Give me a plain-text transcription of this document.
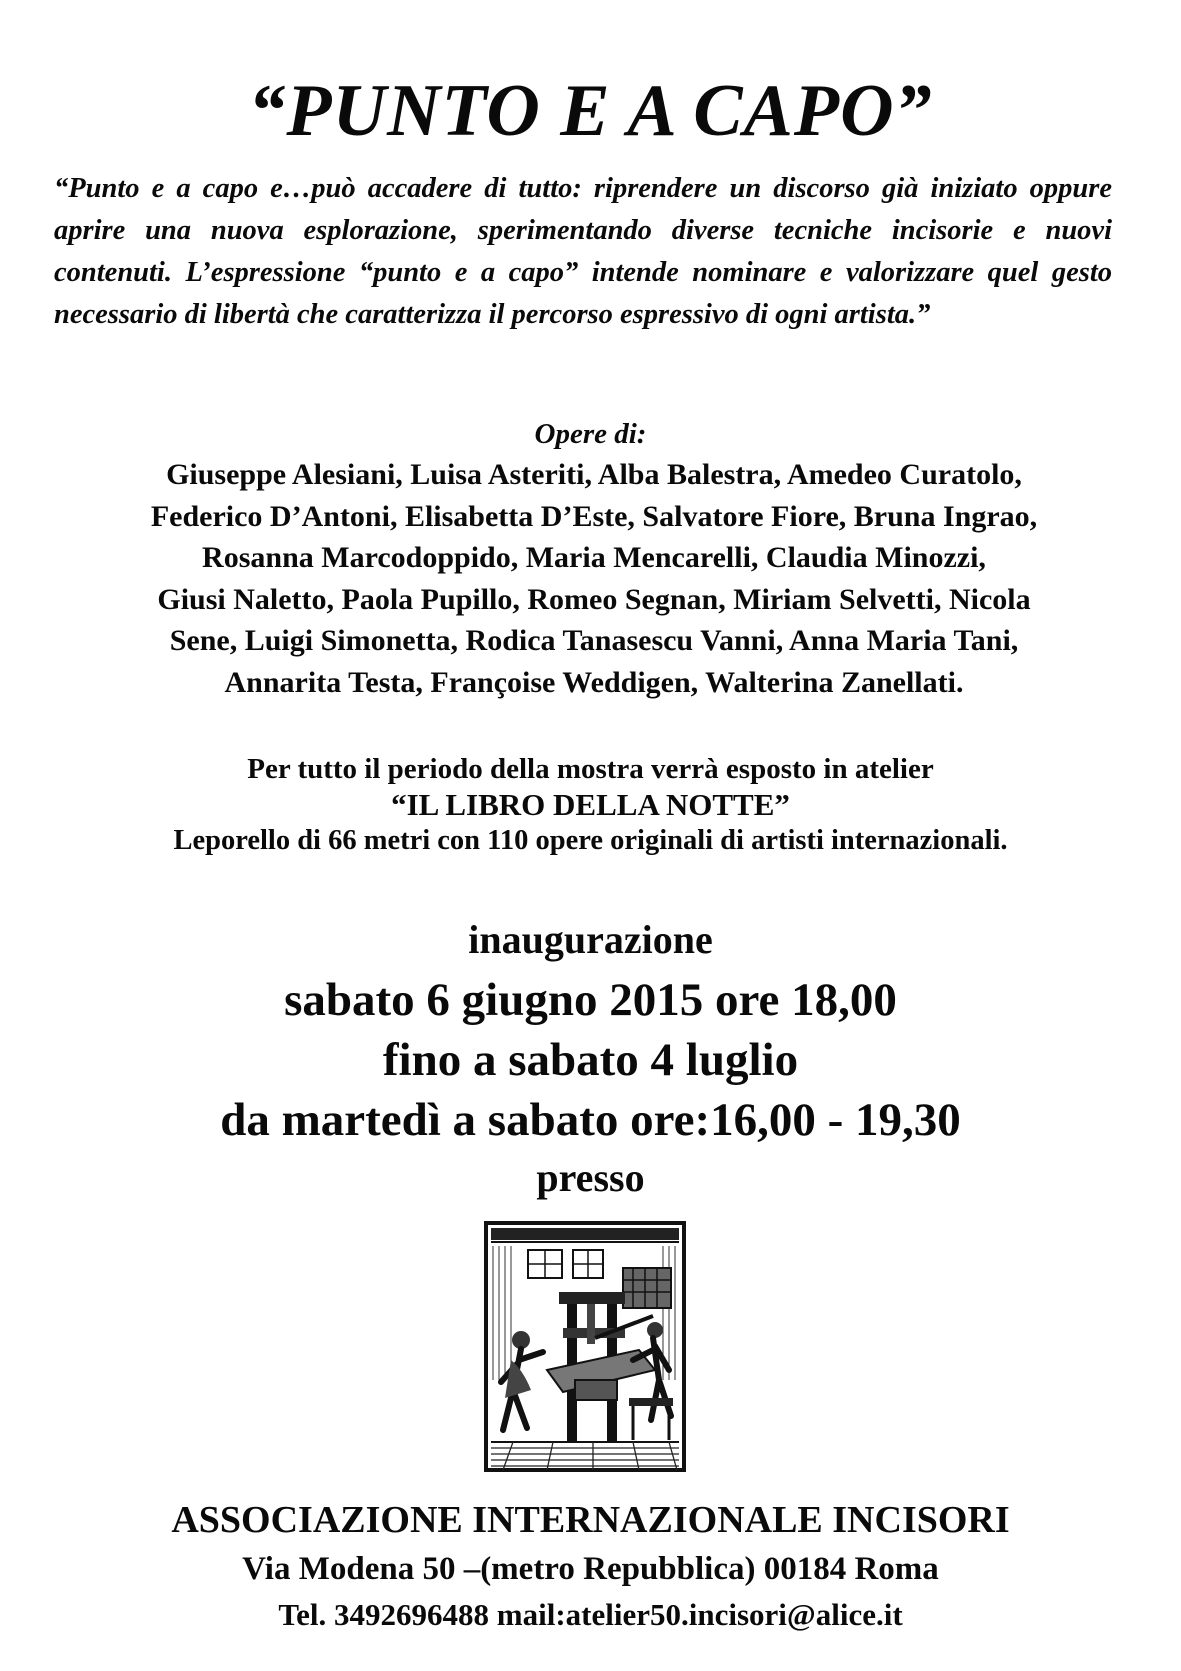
“PUNTO E A CAPO”
“Punto e a capo e…può accadere di tutto: riprendere un discorso già iniziato oppure aprire una nuova esplorazione, sperimentando diverse tecniche incisorie e nuovi contenuti. L’espressione “punto e a capo” intende nominare e valorizzare quel gesto necessario di libertà che caratterizza il percorso espressivo di ogni artista.”
Opere di:
Giuseppe Alesiani, Luisa Asteriti, Alba Balestra, Amedeo Curatolo,
Federico D’Antoni, Elisabetta D’Este, Salvatore Fiore, Bruna Ingrao,
Rosanna Marcodoppido, Maria Mencarelli, Claudia Minozzi,
Giusi Naletto, Paola Pupillo, Romeo Segnan, Miriam Selvetti, Nicola
Sene, Luigi Simonetta, Rodica Tanasescu Vanni, Anna Maria Tani,
Annarita Testa, Françoise Weddigen, Walterina Zanellati.
Per tutto il periodo della mostra verrà esposto in atelier
“IL LIBRO DELLA NOTTE”
Leporello di 66 metri con 110 opere originali di artisti internazionali.
inaugurazione
sabato 6 giugno 2015 ore 18,00
fino a sabato 4 luglio
da martedì a sabato ore:16,00 - 19,30
presso
ASSOCIAZIONE INTERNAZIONALE INCISORI
Via Modena 50 –(metro Repubblica) 00184 Roma
Tel. 3492696488 mail:atelier50.incisori@alice.it
